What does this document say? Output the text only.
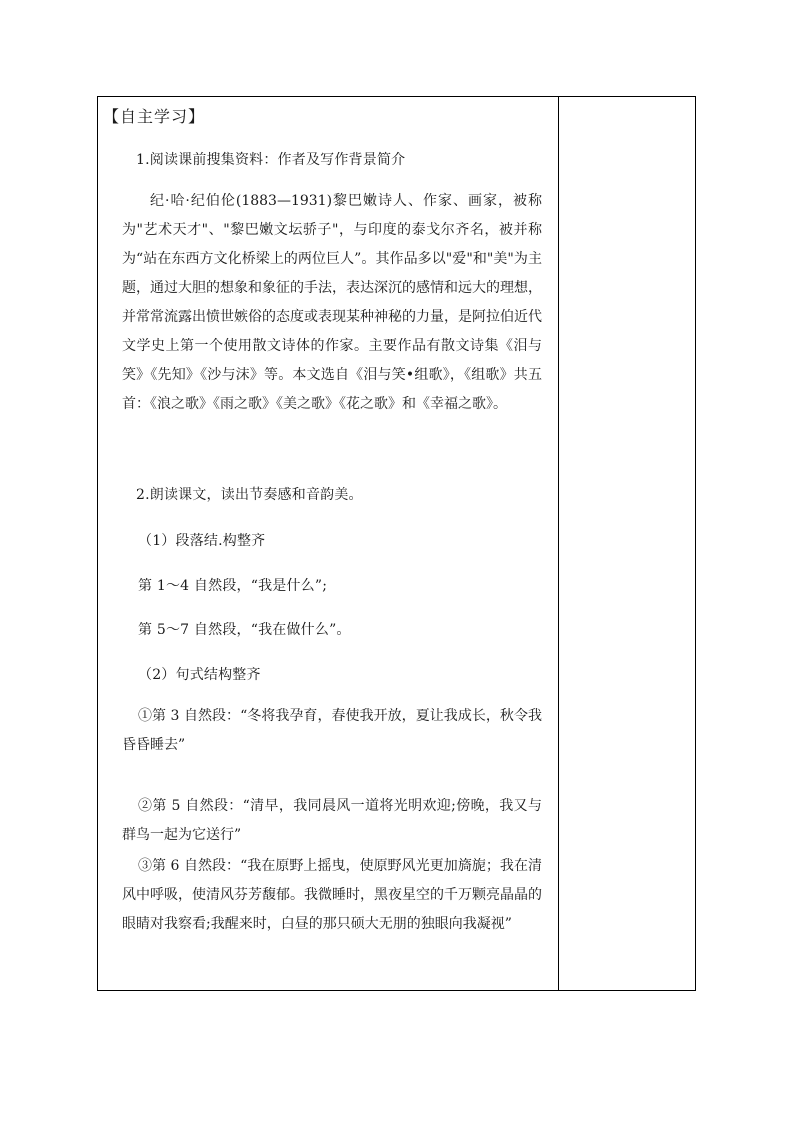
【自主学习】
1.阅读课前搜集资料：作者及写作背景简介
纪·哈·纪伯伦(1883—1931)黎巴嫩诗人、作家、画家，被称为"艺术天才"、"黎巴嫩文坛骄子"，与印度的泰戈尔齐名，被并称为“站在东西方文化桥梁上的两位巨人”。其作品多以"爱"和"美"为主题，通过大胆的想象和象征的手法，表达深沉的感情和远大的理想，并常常流露出愤世嫉俗的态度或表现某种神秘的力量，是阿拉伯近代文学史上第一个使用散文诗体的作家。主要作品有散文诗集《泪与笑》《先知》《沙与沫》等。本文选自《泪与笑•组歌》，《组歌》共五首：《浪之歌》《雨之歌》《美之歌》《花之歌》和《幸福之歌》。
2.朗读课文，读出节奏感和音韵美。
（1）段落结.构整齐
第 1～4 自然段，“我是什么”;
第 5～7 自然段，“我在做什么”。
（2）句式结构整齐
①第 3 自然段：“冬将我孕育，春使我开放，夏让我成长，秋令我昏昏睡去”
②第 5 自然段：“清早，我同晨风一道将光明欢迎;傍晚，我又与群鸟一起为它送行”
③第 6 自然段：“我在原野上摇曳，使原野风光更加旖旎；我在清风中呼吸，使清风芬芳馥郁。我微睡时，黑夜星空的千万颗亮晶晶的眼睛对我察看;我醒来时，白昼的那只硕大无朋的独眼向我凝视”
